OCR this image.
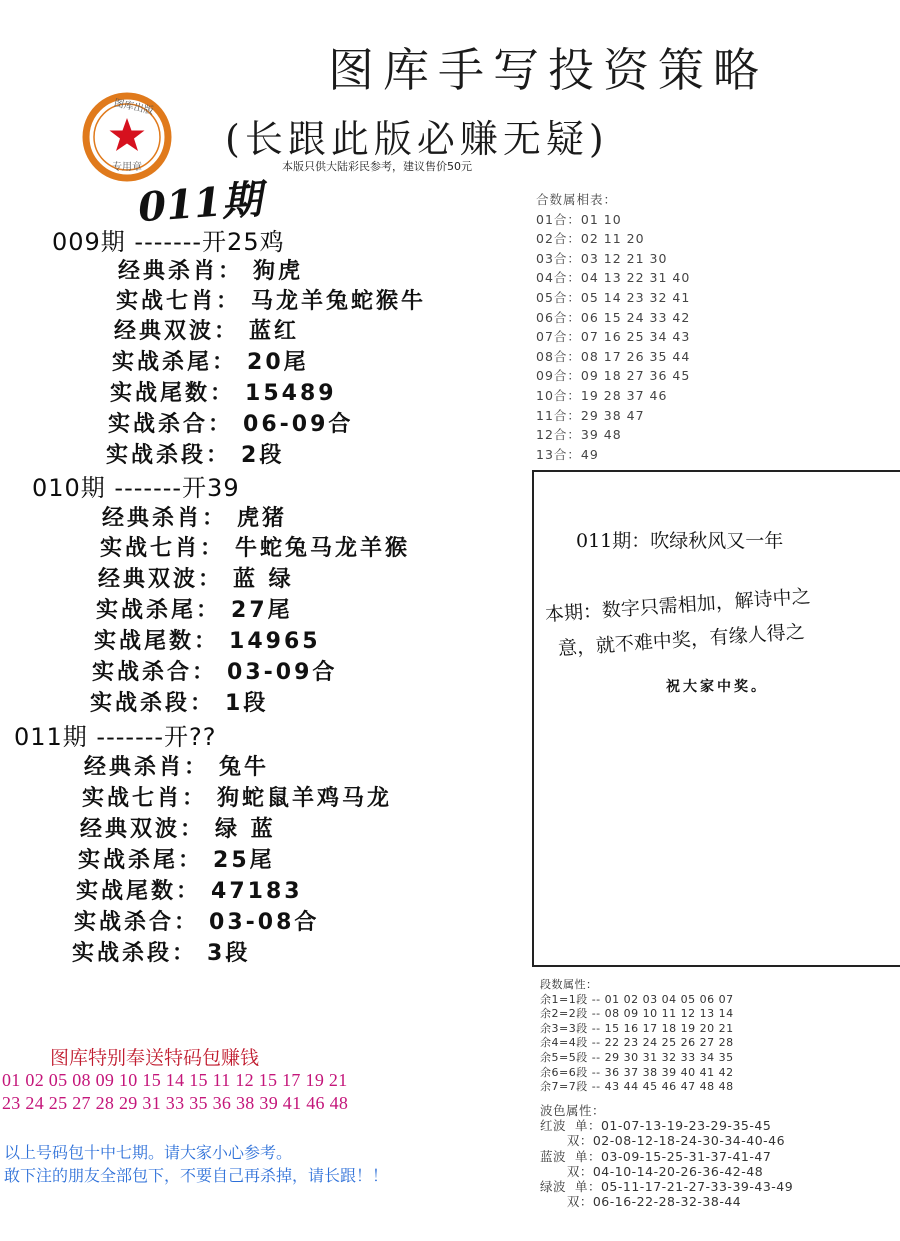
图库手写投资策略
(长跟此版必赚无疑)
本版只供大陆彩民参考，建议售价50元
011期
图库出版
专用章
009期 -------开25鸡
经典杀肖： 狗虎
实战七肖： 马龙羊兔蛇猴牛
经典双波： 蓝红
实战杀尾： 20尾
实战尾数： 15489
实战杀合： 06-09合
实战杀段： 2段
010期 -------开39
经典杀肖： 虎猪
实战七肖： 牛蛇兔马龙羊猴
经典双波： 蓝 绿
实战杀尾： 27尾
实战尾数： 14965
实战杀合： 03-09合
实战杀段： 1段
011期 -------开??
经典杀肖： 兔牛
实战七肖： 狗蛇鼠羊鸡马龙
经典双波： 绿 蓝
实战杀尾： 25尾
实战尾数： 47183
实战杀合： 03-08合
实战杀段： 3段
合数属相表：
01合：01 10
02合：02 11 20
03合：03 12 21 30
04合：04 13 22 31 40
05合：05 14 23 32 41
06合：06 15 24 33 42
07合：07 16 25 34 43
08合：08 17 26 35 44
09合：09 18 27 36 45
10合：19 28 37 46
11合：29 38 47
12合：39 48
13合：49
011期：吹绿秋风又一年
本期：数字只需相加，解诗中之
意，就不难中奖，有缘人得之
祝大家中奖。
图库特别奉送特码包赚钱
01 02 05 08 09 10 15 14 15 11 12 15 17 19 21
23 24 25 27 28 29 31 33 35 36 38 39 41 46 48
以上号码包十中七期。请大家小心参考。
敢下注的朋友全部包下，不要自己再杀掉，请长跟！！
段数属性：
余1=1段 -- 01 02 03 04 05 06 07
余2=2段 -- 08 09 10 11 12 13 14
余3=3段 -- 15 16 17 18 19 20 21
余4=4段 -- 22 23 24 25 26 27 28
余5=5段 -- 29 30 31 32 33 34 35
余6=6段 -- 36 37 38 39 40 41 42
余7=7段 -- 43 44 45 46 47 48 48
波色属性：
红波  单：01-07-13-19-23-29-35-45
双：02-08-12-18-24-30-34-40-46
蓝波  单：03-09-15-25-31-37-41-47
双：04-10-14-20-26-36-42-48
绿波  单：05-11-17-21-27-33-39-43-49
双：06-16-22-28-32-38-44
